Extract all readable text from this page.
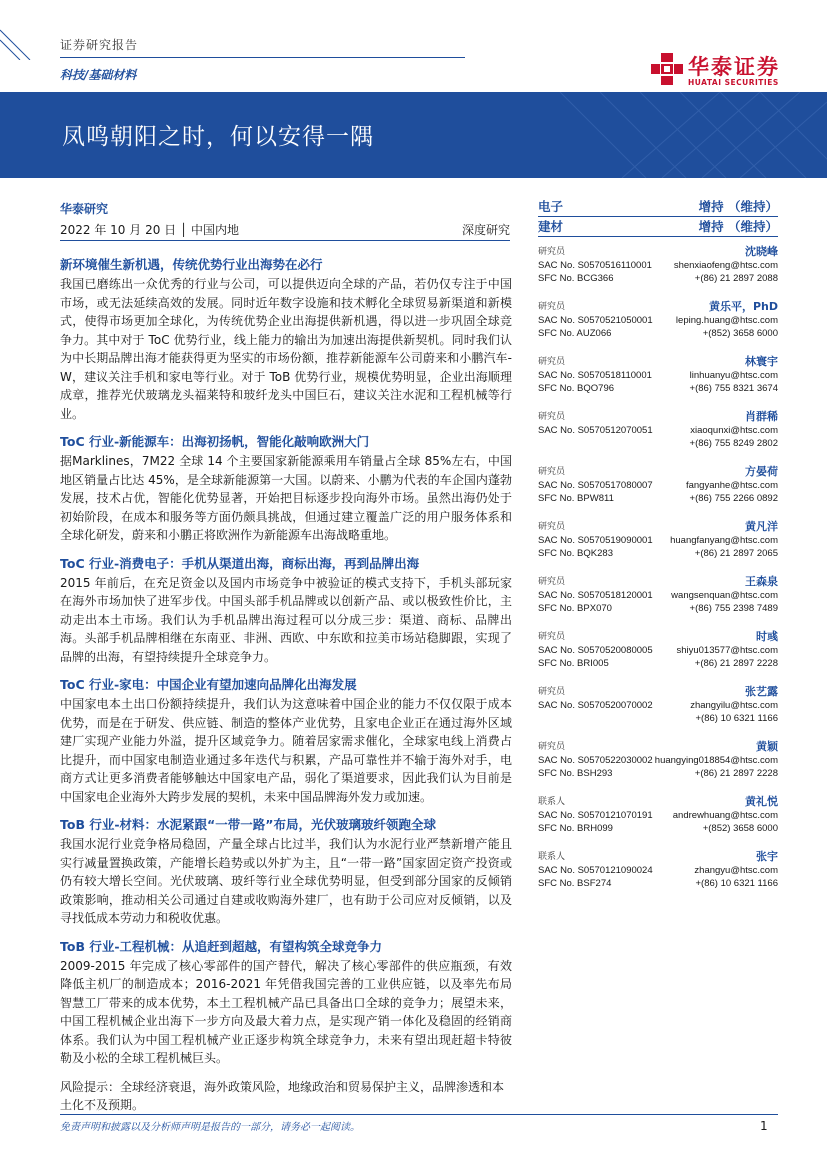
证券研究报告
科技/基础材料	华泰证券
HUATAI SECURITIES
凤鸣朝阳之时，何以安得一隅
华泰研究
2022 年 10 月 20 日 │ 中国内地	深度研究
新环境催生新机遇，传统优势行业出海势在必行
我国已磨练出一众优秀的行业与公司，可以提供迈向全球的产品，若仍仅专注于中国市场，或无法延续高效的发展。同时近年数字设施和技术孵化全球贸易新渠道和新模式，使得市场更加全球化，为传统优势企业出海提供新机遇，得以进一步巩固全球竞争力。其中对于 ToC 优势行业，线上能力的输出为加速出海提供新契机。同时我们认为中长期品牌出海才能获得更为坚实的市场份额，推荐新能源车公司蔚来和小鹏汽车-W，建议关注手机和家电等行业。对于 ToB 优势行业，规模优势明显，企业出海顺理成章，推荐光伏玻璃龙头福莱特和玻纤龙头中国巨石，建议关注水泥和工程机械等行业。
ToC 行业-新能源车：出海初扬帆，智能化敲响欧洲大门
据Marklines，7M22 全球 14 个主要国家新能源乘用车销量占全球 85%左右，中国地区销量占比达 45%，是全球新能源第一大国。以蔚来、小鹏为代表的车企国内蓬勃发展，技术占优，智能化优势显著，开始把目标逐步投向海外市场。虽然出海仍处于初始阶段，在成本和服务等方面仍颇具挑战，但通过建立覆盖广泛的用户服务体系和全球化研发，蔚来和小鹏正将欧洲作为新能源车出海战略重地。
ToC 行业-消费电子：手机从渠道出海，商标出海，再到品牌出海
2015 年前后，在充足资金以及国内市场竞争中被验证的模式支持下，手机头部玩家在海外市场加快了进军步伐。中国头部手机品牌或以创新产品、或以极致性价比，主动走出本土市场。我们认为手机品牌出海过程可以分成三步：渠道、商标、品牌出海。头部手机品牌相继在东南亚、非洲、西欧、中东欧和拉美市场站稳脚跟，实现了品牌的出海，有望持续提升全球竞争力。
ToC 行业-家电：中国企业有望加速向品牌化出海发展
中国家电本土出口份额持续提升，我们认为这意味着中国企业的能力不仅仅限于成本优势，而是在于研发、供应链、制造的整体产业优势，且家电企业正在通过海外区域建厂实现产业能力外溢，提升区域竞争力。随着居家需求催化，全球家电线上消费占比提升，而中国家电制造业通过多年迭代与积累，产品可靠性并不输于海外对手，电商方式让更多消费者能够触达中国家电产品，弱化了渠道要求，因此我们认为目前是中国家电企业海外大跨步发展的契机，未来中国品牌海外发力或加速。
ToB 行业-材料：水泥紧跟“一带一路”布局，光伏玻璃玻纤领跑全球
我国水泥行业竞争格局稳固，产量全球占比过半，我们认为水泥行业严禁新增产能且实行减量置换政策，产能增长趋势或以外扩为主，且“一带一路”国家固定资产投资或仍有较大增长空间。光伏玻璃、玻纤等行业全球优势明显，但受到部分国家的反倾销政策影响，推动相关公司通过自建或收购海外建厂，也有助于公司应对反倾销，以及寻找低成本劳动力和税收优惠。
ToB 行业-工程机械：从追赶到超越，有望构筑全球竞争力
2009-2015 年完成了核心零部件的国产替代，解决了核心零部件的供应瓶颈，有效降低主机厂的制造成本；2016-2021 年凭借我国完善的工业供应链，以及率先布局智慧工厂带来的成本优势，本土工程机械产品已具备出口全球的竞争力；展望未来，中国工程机械企业出海下一步方向及最大着力点，是实现产销一体化及稳固的经销商体系。我们认为中国工程机械产业正逐步构筑全球竞争力，未来有望出现赶超卡特彼勒及小松的全球工程机械巨头。
风险提示：全球经济衰退，海外政策风险，地缘政治和贸易保护主义，品牌渗透和本土化不及预期。
电子	增持 （维持）
建材	增持 （维持）
研究员	沈晓峰
SAC No. S0570516110001 shenxiaofeng@htsc.com
SFC No. BCG366	+(86) 21 2897 2088
研究员	黄乐平，PhD
SAC No. S0570521050001 leping.huang@htsc.com
SFC No. AUZ066	+(852) 3658 6000
研究员	林寰宇
SAC No. S0570518110001	linhuanyu@htsc.com
SFC No. BQO796	+(86) 755 8321 3674
研究员	肖群稀
SAC No. S0570512070051	xiaoqunxi@htsc.com
+(86) 755 8249 2802
研究员	方晏荷
SAC No. S0570517080007	fangyanhe@htsc.com
SFC No. BPW811	+(86) 755 2266 0892
研究员	黄凡洋
SAC No. S0570519090001 huangfanyang@htsc.com
SFC No. BQK283	+(86) 21 2897 2065
研究员	王森泉
SAC No. S0570518120001 wangsenquan@htsc.com
SFC No. BPX070	+(86) 755 2398 7489
研究员	时彧
SAC No. S0570520080005	shiyu013577@htsc.com
SFC No. BRI005	+(86) 21 2897 2228
研究员	张艺露
SAC No. S0570520070002	zhangyilu@htsc.com
+(86) 10 6321 1166
研究员	黄颖
SAC No. S0570522030002 huangying018854@htsc.com
SFC No. BSH293	+(86) 21 2897 2228
联系人	黄礼悦
SAC No. S0570121070191 andrewhuang@htsc.com
SFC No. BRH099	+(852) 3658 6000
联系人	张宇
SAC No. S0570121090024	zhangyu@htsc.com
SFC No. BSF274	+(86) 10 6321 1166
免责声明和披露以及分析师声明是报告的一部分，请务必一起阅读。	1
